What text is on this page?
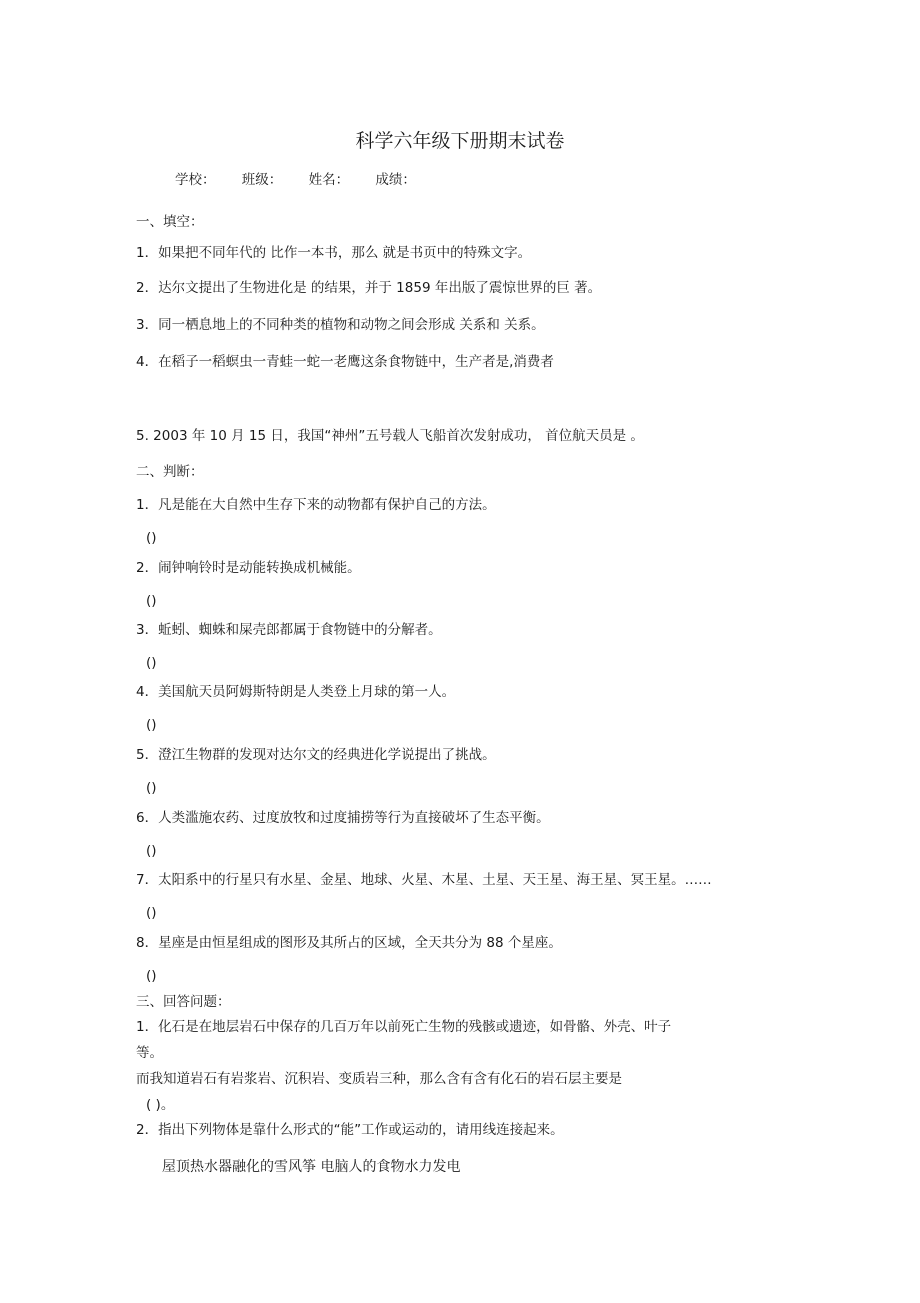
科学六年级下册期末试卷
学校： 班级： 姓名： 成绩：
一、填空：
1．如果把不同年代的 比作一本书，那么 就是书页中的特殊文字。
2．达尔文提出了生物进化是 的结果，并于 1859 年出版了震惊世界的巨 著。
3．同一栖息地上的不同种类的植物和动物之间会形成 关系和 关系。
4．在稻子一稻螟虫一青蛙一蛇一老鹰这条食物链中，生产者是,消费者
5. 2003 年 10 月 15 日，我国“神州”五号载人飞船首次发射成功， 首位航天员是 。
二、判断：
1．凡是能在大自然中生存下来的动物都有保护自己的方法。
()
2．闹钟响铃时是动能转换成机械能。
()
3．蚯蚓、蜘蛛和屎壳郎都属于食物链中的分解者。
()
4．美国航天员阿姆斯特朗是人类登上月球的第一人。
()
5．澄江生物群的发现对达尔文的经典进化学说提出了挑战。
()
6．人类滥施农药、过度放牧和过度捕捞等行为直接破坏了生态平衡。
()
7．太阳系中的行星只有水星、金星、地球、火星、木星、土星、天王星、海王星、冥王星。……
()
8．星座是由恒星组成的图形及其所占的区域，全天共分为 88 个星座。
()
三、回答问题：
1．化石是在地层岩石中保存的几百万年以前死亡生物的残骸或遗迹，如骨骼、外壳、叶子
等。
而我知道岩石有岩浆岩、沉积岩、变质岩三种，那么含有含有化石的岩石层主要是
( )。
2．指出下列物体是靠什么形式的“能”工作或运动的，请用线连接起来。
屋顶热水器融化的雪风筝 电脑人的食物水力发电
